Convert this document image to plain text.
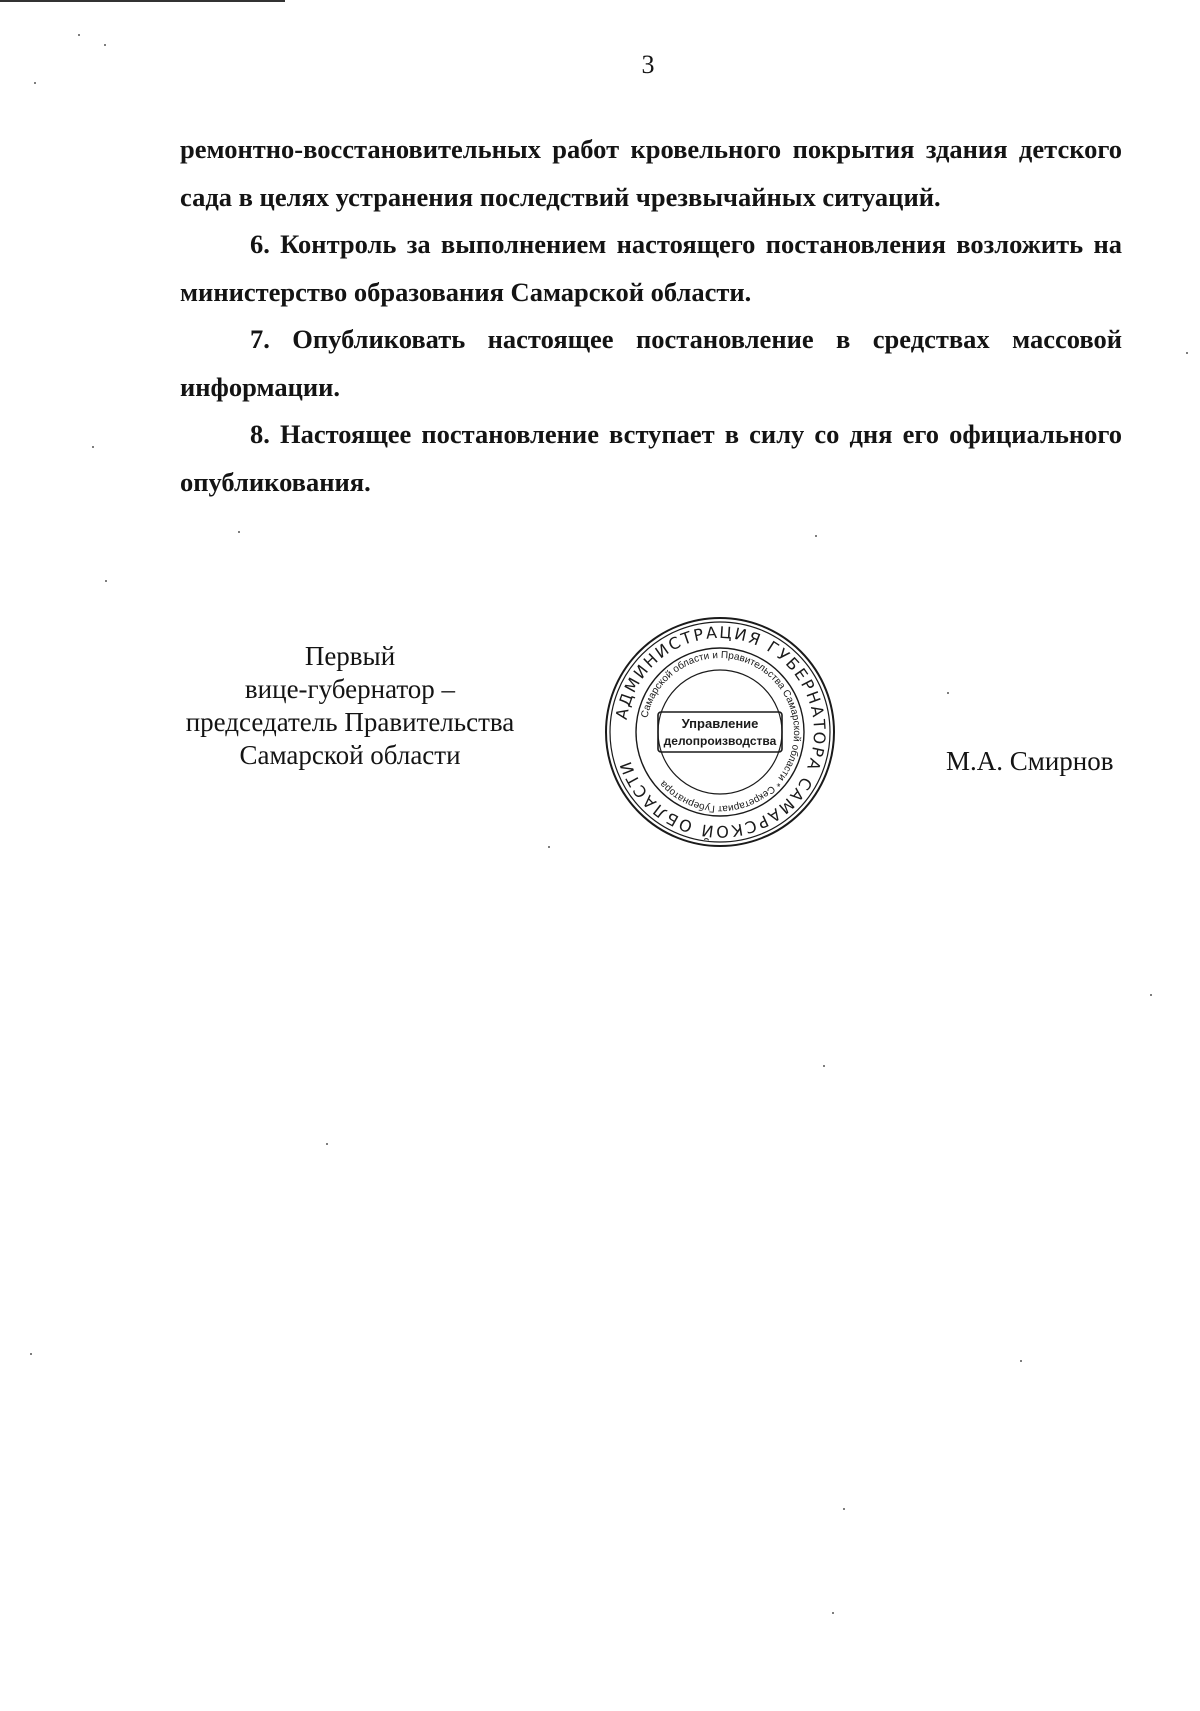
3

ремонтно-восстановительных работ кровельного покрытия здания детского сада в целях устранения последствий чрезвычайных ситуаций.

6. Контроль за выполнением настоящего постановления возложить на министерство образования Самарской области.

7. Опубликовать настоящее постановление в средствах массовой информации.

8. Настоящее постановление вступает в силу со дня его официального опубликования.

Первый
вице-губернатор –
председатель Правительства
Самарской области
АДМИНИСТРАЦИЯ ГУБЕРНАТОРА САМАРСКОЙ ОБЛАСТИ
Самарской области и Правительства Самарской области * Секретариат Губернатора
Управление
делопроизводства
М.А. Смирнов
